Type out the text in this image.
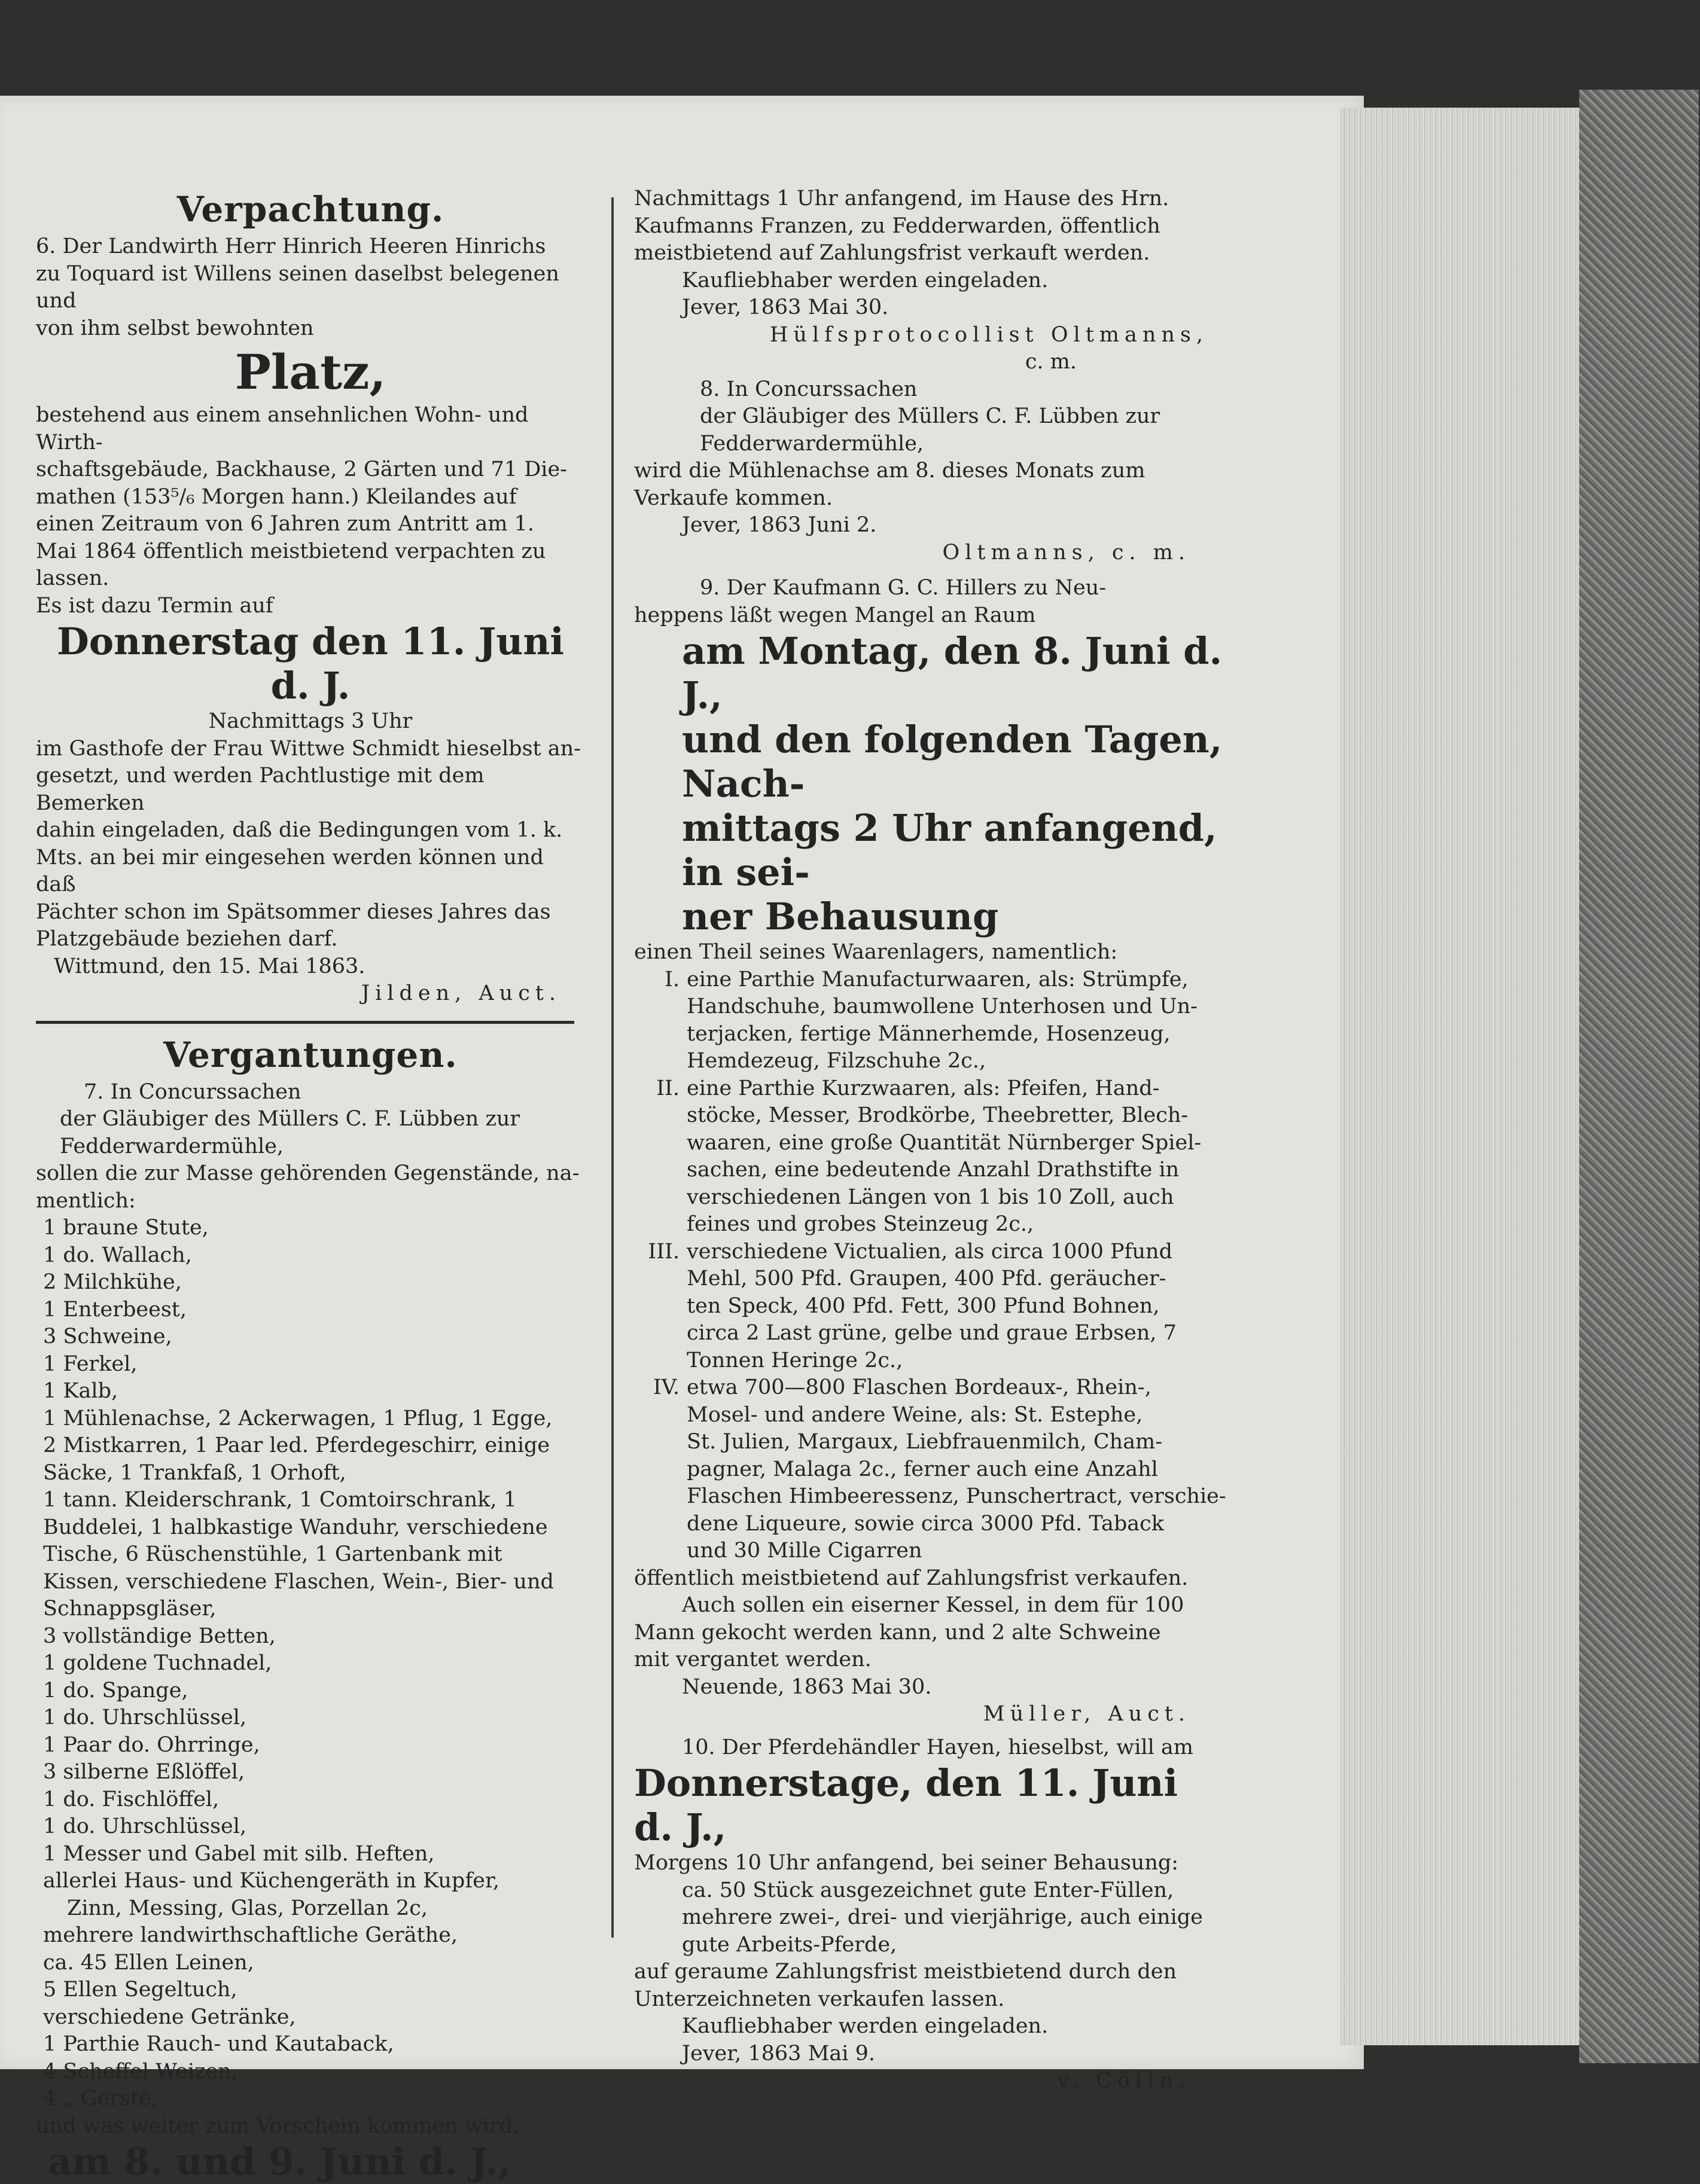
Verpachtung.

6. Der Landwirth Herr Hinrich Heeren Hinrichs

zu Toquard ist Willens seinen daselbst belegenen und

von ihm selbst bewohnten

Platz,

bestehend aus einem ansehnlichen Wohn- und Wirth-

schaftsgebäude, Backhause, 2 Gärten und 71 Die-

mathen (153⁵/₆ Morgen hann.) Kleilandes auf

einen Zeitraum von 6 Jahren zum Antritt am 1.

Mai 1864 öffentlich meistbietend verpachten zu lassen.

Es ist dazu Termin auf

Donnerstag den 11. Juni d. J.

Nachmittags 3 Uhr

im Gasthofe der Frau Wittwe Schmidt hieselbst an-

gesetzt, und werden Pachtlustige mit dem Bemerken

dahin eingeladen, daß die Bedingungen vom 1. k.

Mts. an bei mir eingesehen werden können und daß

Pächter schon im Spätsommer dieses Jahres das

Platzgebäude beziehen darf.

Wittmund, den 15. Mai 1863.

Jilden, Auct.

Vergantungen.

7. In Concurssachen

der Gläubiger des Müllers C. F. Lübben zur

Fedderwardermühle,

sollen die zur Masse gehörenden Gegenstände, na-

mentlich:

1 braune Stute,

1 do. Wallach,

2 Milchkühe,

1 Enterbeest,

3 Schweine,

1 Ferkel,

1 Kalb,

1 Mühlenachse, 2 Ackerwagen, 1 Pflug, 1 Egge,

2 Mistkarren, 1 Paar led. Pferdegeschirr, einige

Säcke, 1 Trankfaß, 1 Orhoft,

1 tann. Kleiderschrank, 1 Comtoirschrank, 1

Buddelei, 1 halbkastige Wanduhr, verschiedene

Tische, 6 Rüschenstühle, 1 Gartenbank mit

Kissen, verschiedene Flaschen, Wein-, Bier- und

Schnappsgläser,

3 vollständige Betten,

1 goldene Tuchnadel,

1 do. Spange,

1 do. Uhrschlüssel,

1 Paar do. Ohrringe,

3 silberne Eßlöffel,

1 do. Fischlöffel,

1 do. Uhrschlüssel,

1 Messer und Gabel mit silb. Heften,

allerlei Haus- und Küchengeräth in Kupfer,

Zinn, Messing, Glas, Porzellan 2c,

mehrere landwirthschaftliche Geräthe,

ca. 45 Ellen Leinen,

5 Ellen Segeltuch,

verschiedene Getränke,

1 Parthie Rauch- und Kautaback,

4 Scheffel Weizen,

4 „ Gerste,

und was weiter zum Vorschein kommen wird,

am 8. und 9. Juni d. J.,

Nachmittags 1 Uhr anfangend, im Hause des Hrn.

Kaufmanns Franzen, zu Fedderwarden, öffentlich

meistbietend auf Zahlungsfrist verkauft werden.

Kaufliebhaber werden eingeladen.

Jever, 1863 Mai 30.

Hülfsprotocollist Oltmanns,

c. m.

8. In Concurssachen

der Gläubiger des Müllers C. F. Lübben zur

Fedderwardermühle,

wird die Mühlenachse am 8. dieses Monats zum

Verkaufe kommen.

Jever, 1863 Juni 2.

Oltmanns, c. m.

9. Der Kaufmann G. C. Hillers zu Neu-

heppens läßt wegen Mangel an Raum

am Montag, den 8. Juni d. J.,
und den folgenden Tagen, Nach-
mittags 2 Uhr anfangend, in sei-
ner Behausung

einen Theil seines Waarenlagers, namentlich:

I. eine Parthie Manufacturwaaren, als: Strümpfe,

Handschuhe, baumwollene Unterhosen und Un-

terjacken, fertige Männerhemde, Hosenzeug,

Hemdezeug, Filzschuhe 2c.,

II. eine Parthie Kurzwaaren, als: Pfeifen, Hand-

stöcke, Messer, Brodkörbe, Theebretter, Blech-

waaren, eine große Quantität Nürnberger Spiel-

sachen, eine bedeutende Anzahl Drathstifte in

verschiedenen Längen von 1 bis 10 Zoll, auch

feines und grobes Steinzeug 2c.,

III. verschiedene Victualien, als circa 1000 Pfund

Mehl, 500 Pfd. Graupen, 400 Pfd. geräucher-

ten Speck, 400 Pfd. Fett, 300 Pfund Bohnen,

circa 2 Last grüne, gelbe und graue Erbsen, 7

Tonnen Heringe 2c.,

IV. etwa 700—800 Flaschen Bordeaux-, Rhein-,

Mosel- und andere Weine, als: St. Estephe,

St. Julien, Margaux, Liebfrauenmilch, Cham-

pagner, Malaga 2c., ferner auch eine Anzahl

Flaschen Himbeeressenz, Punschertract, verschie-

dene Liqueure, sowie circa 3000 Pfd. Taback

und 30 Mille Cigarren

öffentlich meistbietend auf Zahlungsfrist verkaufen.

Auch sollen ein eiserner Kessel, in dem für 100

Mann gekocht werden kann, und 2 alte Schweine

mit vergantet werden.

Neuende, 1863 Mai 30.

Müller, Auct.

10. Der Pferdehändler Hayen, hieselbst, will am

Donnerstage, den 11. Juni d. J.,

Morgens 10 Uhr anfangend, bei seiner Behausung:

ca. 50 Stück ausgezeichnet gute Enter-Füllen,

mehrere zwei-, drei- und vierjährige, auch einige

gute Arbeits-Pferde,

auf geraume Zahlungsfrist meistbietend durch den

Unterzeichneten verkaufen lassen.

Kaufliebhaber werden eingeladen.

Jever, 1863 Mai 9.

v. Cölln.
